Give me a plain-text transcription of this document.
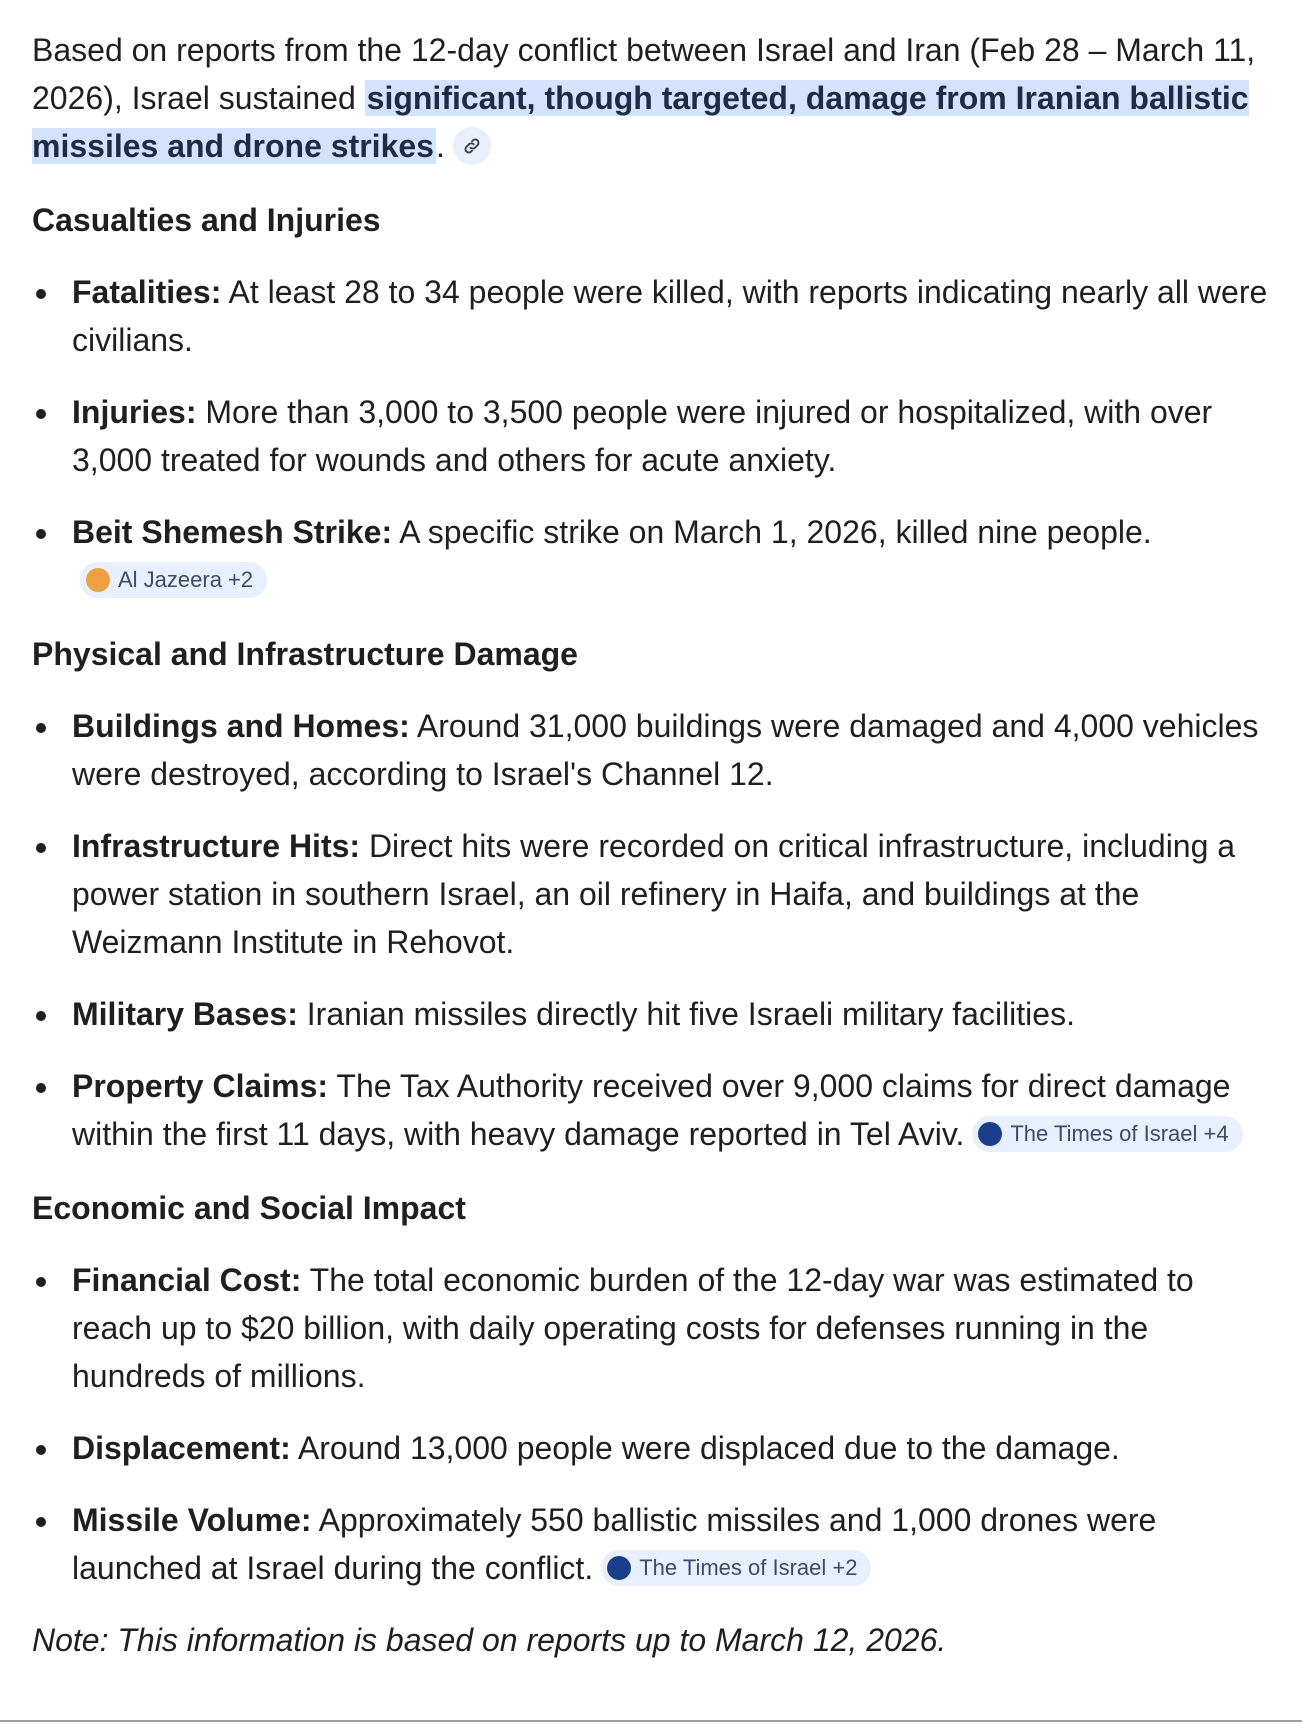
Based on reports from the 12-day conflict between Israel and Iran (Feb 28 – March 11, 2026), Israel sustained significant, though targeted, damage from Iranian ballistic missiles and drone strikes.

Casualties and Injuries
Fatalities: At least 28 to 34 people were killed, with reports indicating nearly all were civilians.
Injuries: More than 3,000 to 3,500 people were injured or hospitalized, with over 3,000 treated for wounds and others for acute anxiety.
Beit Shemesh Strike: A specific strike on March 1, 2026, killed nine people.
Al Jazeera +2
Physical and Infrastructure Damage
Buildings and Homes: Around 31,000 buildings were damaged and 4,000 vehicles were destroyed, according to Israel's Channel 12.
Infrastructure Hits: Direct hits were recorded on critical infrastructure, including a power station in southern Israel, an oil refinery in Haifa, and buildings at the Weizmann Institute in Rehovot.
Military Bases: Iranian missiles directly hit five Israeli military facilities.
Property Claims: The Tax Authority received over 9,000 claims for direct damage within the first 11 days, with heavy damage reported in Tel Aviv. The Times of Israel +4
Economic and Social Impact
Financial Cost: The total economic burden of the 12-day war was estimated to reach up to $20 billion, with daily operating costs for defenses running in the hundreds of millions.
Displacement: Around 13,000 people were displaced due to the damage.
Missile Volume: Approximately 550 ballistic missiles and 1,000 drones were launched at Israel during the conflict. The Times of Israel +2

Note: This information is based on reports up to March 12, 2026.
